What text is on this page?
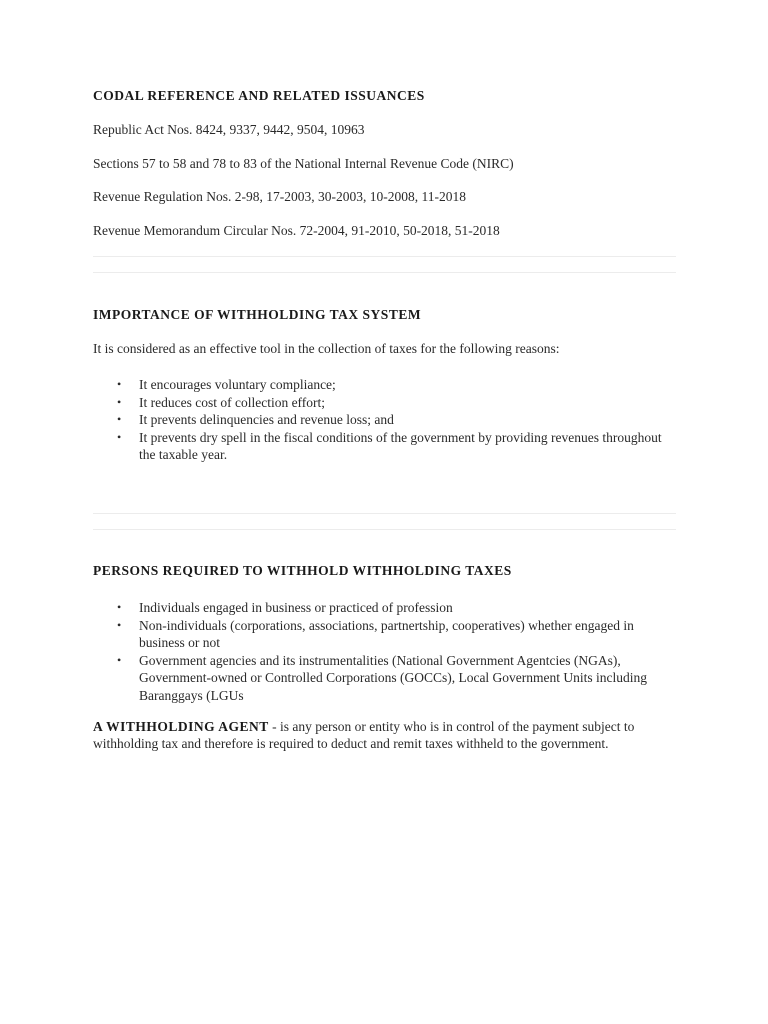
CODAL REFERENCE AND RELATED ISSUANCES
Republic Act Nos. 8424, 9337, 9442, 9504, 10963
Sections 57 to 58 and 78 to 83 of the National Internal Revenue Code (NIRC)
Revenue Regulation Nos. 2-98, 17-2003, 30-2003, 10-2008, 11-2018
Revenue Memorandum Circular Nos. 72-2004, 91-2010, 50-2018, 51-2018
IMPORTANCE OF WITHHOLDING TAX SYSTEM
It is considered as an effective tool in the collection of taxes for the following reasons:
• It encourages voluntary compliance;
• It reduces cost of collection effort;
• It prevents delinquencies and revenue loss; and
• It prevents dry spell in the fiscal conditions of the government by providing revenues throughout the taxable year.
PERSONS REQUIRED TO WITHHOLD WITHHOLDING TAXES
• Individuals engaged in business or practiced of profession
• Non-individuals (corporations, associations, partnertship, cooperatives) whether engaged in business or not
• Government agencies and its instrumentalities (National Government Agentcies (NGAs), Government-owned or Controlled Corporations (GOCCs), Local Government Units including Baranggays (LGUs
A WITHHOLDING AGENT - is any person or entity who is in control of the payment subject to withholding tax and therefore is required to deduct and remit taxes withheld to the government.
